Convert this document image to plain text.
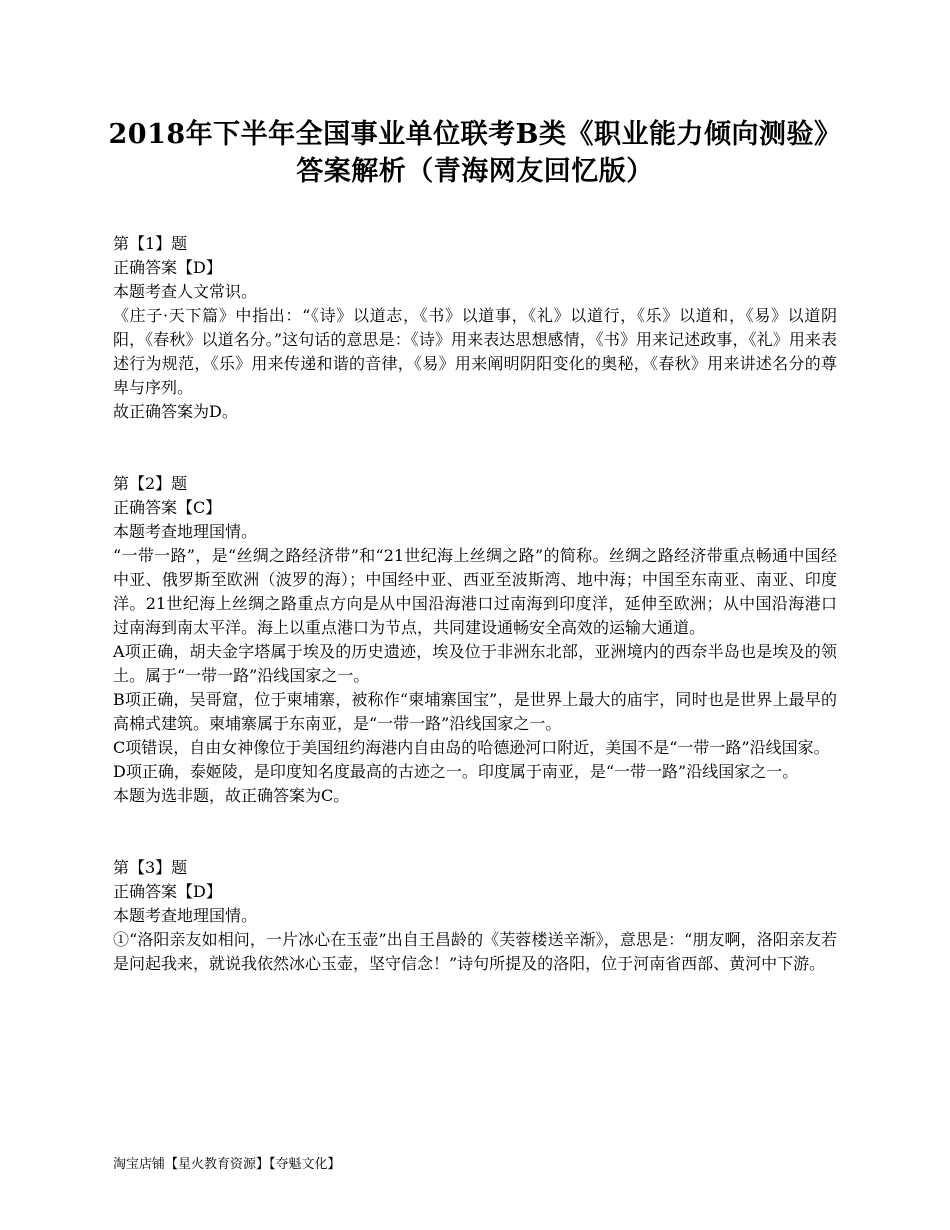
2018年下半年全国事业单位联考B类《职业能力倾向测验》
答案解析（青海网友回忆版）

第【1】题

正确答案【D】

本题考查人文常识。

《庄子·天下篇》中指出：“《诗》以道志，《书》以道事，《礼》以道行，《乐》以道和，《易》以道阴阳，《春秋》以道名分。”这句话的意思是：《诗》用来表达思想感情，《书》用来记述政事，《礼》用来表述行为规范，《乐》用来传递和谐的音律，《易》用来阐明阴阳变化的奥秘，《春秋》用来讲述名分的尊卑与序列。

故正确答案为D。

第【2】题

正确答案【C】

本题考查地理国情。

“一带一路”，是“丝绸之路经济带”和“21世纪海上丝绸之路”的简称。丝绸之路经济带重点畅通中国经中亚、俄罗斯至欧洲（波罗的海）；中国经中亚、西亚至波斯湾、地中海；中国至东南亚、南亚、印度洋。21世纪海上丝绸之路重点方向是从中国沿海港口过南海到印度洋，延伸至欧洲；从中国沿海港口过南海到南太平洋。海上以重点港口为节点，共同建设通畅安全高效的运输大通道。

A项正确，胡夫金字塔属于埃及的历史遗迹，埃及位于非洲东北部，亚洲境内的西奈半岛也是埃及的领土。属于“一带一路”沿线国家之一。

B项正确，吴哥窟，位于柬埔寨，被称作“柬埔寨国宝”，是世界上最大的庙宇，同时也是世界上最早的高棉式建筑。柬埔寨属于东南亚，是“一带一路”沿线国家之一。

C项错误，自由女神像位于美国纽约海港内自由岛的哈德逊河口附近，美国不是“一带一路”沿线国家。

D项正确，泰姬陵，是印度知名度最高的古迹之一。印度属于南亚，是“一带一路”沿线国家之一。

本题为选非题，故正确答案为C。

第【3】题

正确答案【D】

本题考查地理国情。

①“洛阳亲友如相问，一片冰心在玉壶”出自王昌龄的《芙蓉楼送辛渐》，意思是：“朋友啊，洛阳亲友若是问起我来，就说我依然冰心玉壶，坚守信念！”诗句所提及的洛阳，位于河南省西部、黄河中下游。

淘宝店铺【星火教育资源】【夺魁文化】
